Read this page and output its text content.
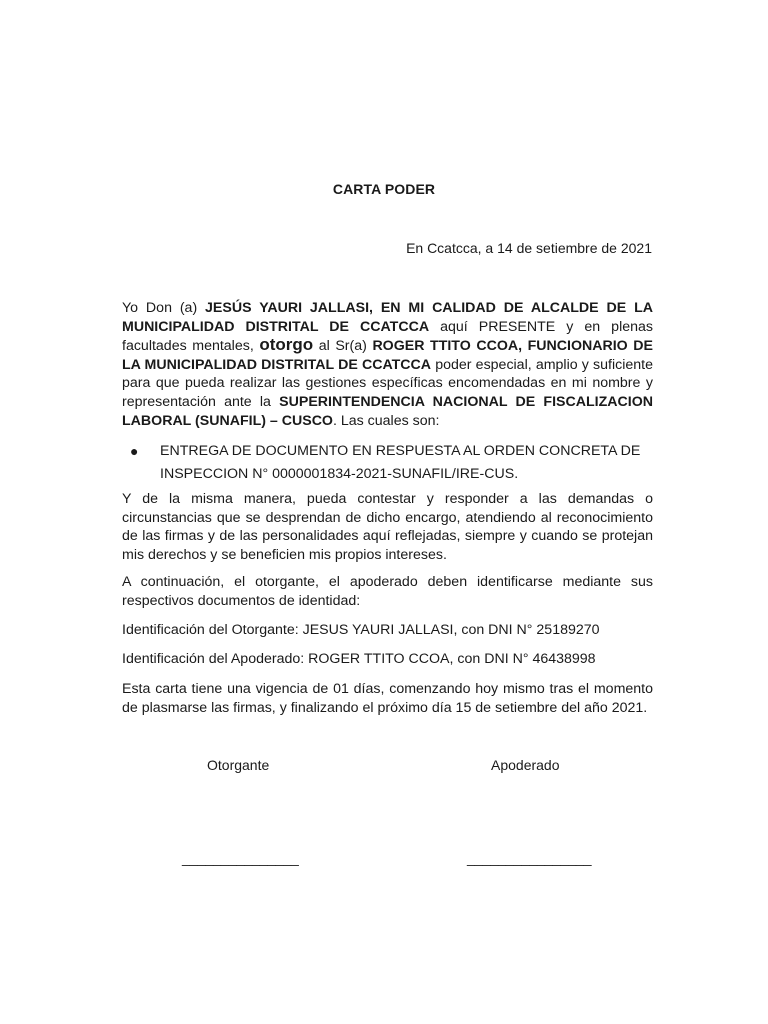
CARTA PODER
En Ccatcca, a 14 de setiembre de 2021
Yo Don (a) JESÚS YAURI JALLASI, EN MI CALIDAD DE ALCALDE DE LA MUNICIPALIDAD DISTRITAL DE CCATCCA aquí PRESENTE y en plenas facultades mentales, otorgo al Sr(a) ROGER TTITO CCOA, FUNCIONARIO DE LA MUNICIPALIDAD DISTRITAL DE CCATCCA poder especial, amplio y suficiente para que pueda realizar las gestiones específicas encomendadas en mi nombre y representación ante la SUPERINTENDENCIA NACIONAL DE FISCALIZACION LABORAL (SUNAFIL) – CUSCO. Las cuales son:
● ENTREGA DE DOCUMENTO EN RESPUESTA AL ORDEN CONCRETA DE INSPECCION N° 0000001834-2021-SUNAFIL/IRE-CUS.
Y de la misma manera, pueda contestar y responder a las demandas o circunstancias que se desprendan de dicho encargo, atendiendo al reconocimiento de las firmas y de las personalidades aquí reflejadas, siempre y cuando se protejan mis derechos y se beneficien mis propios intereses.
A continuación, el otorgante, el apoderado deben identificarse mediante sus respectivos documentos de identidad:
Identificación del Otorgante: JESUS YAURI JALLASI, con DNI N° 25189270
Identificación del Apoderado: ROGER TTITO CCOA, con DNI N° 46438998
Esta carta tiene una vigencia de 01 días, comenzando hoy mismo tras el momento de plasmarse las firmas, y finalizando el próximo día 15 de setiembre del año 2021.
Otorgante	Apoderado
_______________	________________
